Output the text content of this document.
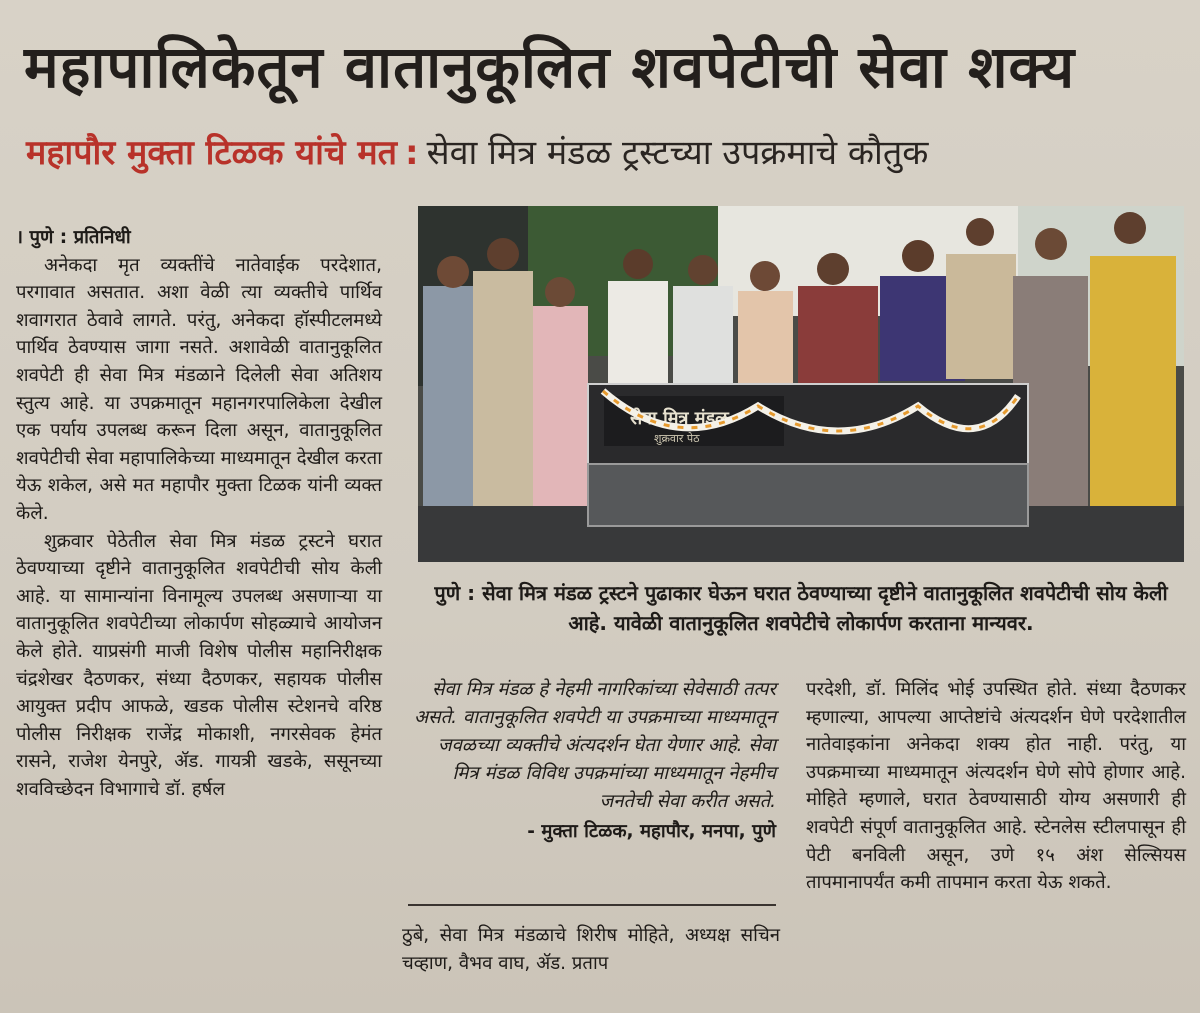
महापालिकेतून वातानुकूलित शवपेटीची सेवा शक्य
महापौर मुक्ता टिळक यांचे मत : सेवा मित्र मंडळ ट्रस्टच्या उपक्रमाचे कौतुक

। पुणे : प्रतिनिधी

अनेकदा मृत व्यक्तींचे नातेवाईक परदेशात, परगावात असतात. अशा वेळी त्या व्यक्तीचे पार्थिव शवागरात ठेवावे लागते. परंतु, अनेकदा हॉस्पीटलमध्ये पार्थिव ठेवण्यास जागा नसते. अशावेळी वातानुकूलित शवपेटी ही सेवा मित्र मंडळाने दिलेली सेवा अतिशय स्तुत्य आहे. या उपक्रमातून महानगरपालिकेला देखील एक पर्याय उपलब्ध करून दिला असून, वातानुकूलित शवपेटीची सेवा महापालिकेच्या माध्यमातून देखील करता येऊ शकेल, असे मत महापौर मुक्ता टिळक यांनी व्यक्त केले.

शुक्रवार पेठेतील सेवा मित्र मंडळ ट्रस्टने घरात ठेवण्याच्या दृष्टीने वातानुकूलित शवपेटीची सोय केली आहे. या सामान्यांना विनामूल्य उपलब्ध असणाऱ्या या वातानुकूलित शवपेटीच्या लोकार्पण सोहळ्याचे आयोजन केले होते. याप्रसंगी माजी विशेष पोलीस महानिरीक्षक चंद्रशेखर दैठणकर, संध्या दैठणकर, सहायक पोलीस आयुक्त प्रदीप आफळे, खडक पोलीस स्टेशनचे वरिष्ठ पोलीस निरीक्षक राजेंद्र मोकाशी, नगरसेवक हेमंत रासने, राजेश येनपुरे, ॲड. गायत्री खडके, ससूनच्या शवविच्छेदन विभागाचे डॉ. हर्षल

सेवा मित्र मंडळ
शुक्रवार पेठ
पुणे : सेवा मित्र मंडळ ट्रस्टने पुढाकार घेऊन घरात ठेवण्याच्या दृष्टीने वातानुकूलित शवपेटीची सोय केली आहे. यावेळी वातानुकूलित शवपेटीचे लोकार्पण करताना मान्यवर.
सेवा मित्र मंडळ हे नेहमी नागरिकांच्या सेवेसाठी तत्पर असते. वातानुकूलित शवपेटी या उपक्रमाच्या माध्यमातून जवळच्या व्यक्तीचे अंत्यदर्शन घेता येणार आहे. सेवा मित्र मंडळ विविध उपक्रमांच्या माध्यमातून नेहमीच जनतेची सेवा करीत असते.
- मुक्ता टिळक, महापौर, मनपा, पुणे

ठुबे, सेवा मित्र मंडळाचे शिरीष मोहिते, अध्यक्ष सचिन चव्हाण, वैभव वाघ, ॲड. प्रताप

परदेशी, डॉ. मिलिंद भोई उपस्थित होते. संध्या दैठणकर म्हणाल्या, आपल्या आप्तेष्टांचे अंत्यदर्शन घेणे परदेशातील नातेवाइकांना अनेकदा शक्य होत नाही. परंतु, या उपक्रमाच्या माध्यमातून अंत्यदर्शन घेणे सोपे होणार आहे. मोहिते म्हणाले, घरात ठेवण्यासाठी योग्य असणारी ही शवपेटी संपूर्ण वातानुकूलित आहे. स्टेनलेस स्टीलपासून ही पेटी बनविली असून, उणे १५ अंश सेल्सियस तापमानापर्यंत कमी तापमान करता येऊ शकते.
